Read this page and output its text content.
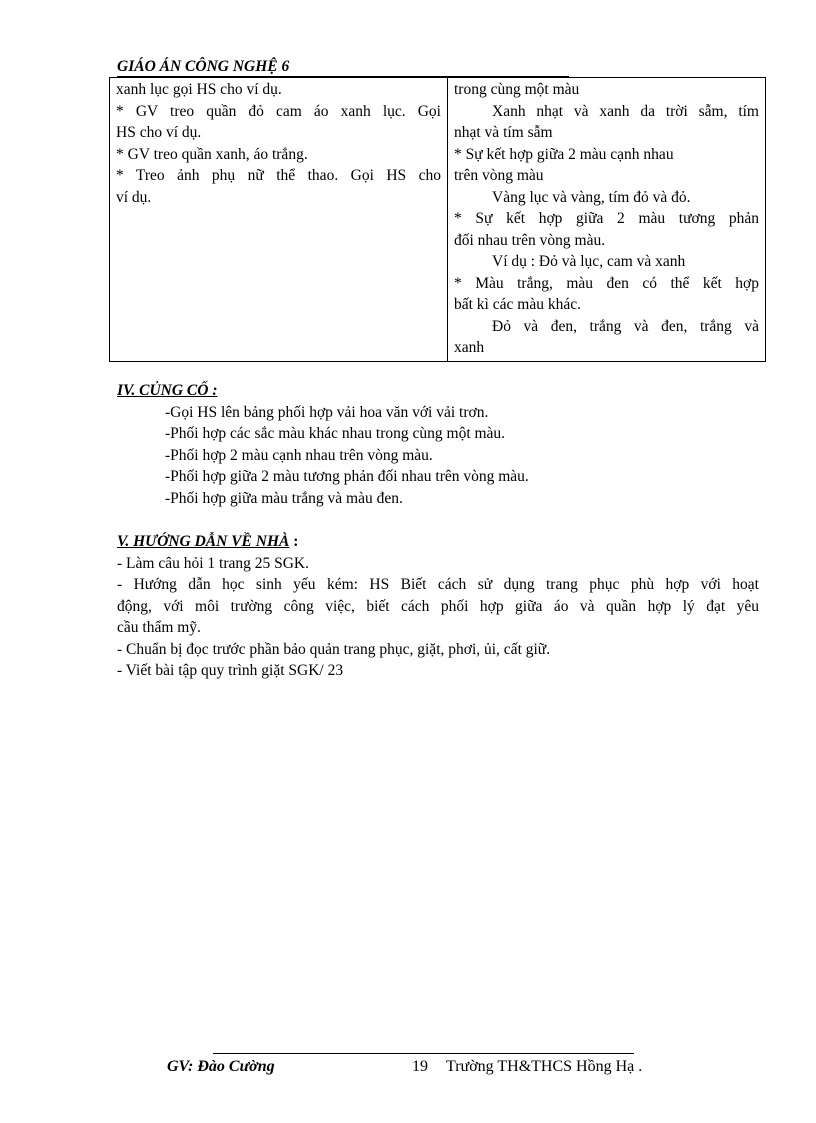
GIÁO ÁN CÔNG NGHỆ 6
xanh lục gọi HS cho ví dụ.
* GV treo quần đỏ cam áo xanh lục. Gọi
HS cho ví dụ.
* GV treo quần xanh, áo trắng.
* Treo ảnh phụ nữ thể thao. Gọi HS cho
ví dụ.

trong cùng một màu
Xanh nhạt và xanh da trời sẫm, tím
nhạt và tím sẫm
* Sự kết hợp giữa 2 màu cạnh nhau
trên vòng màu
Vàng lục và vàng, tím đỏ và đỏ.
* Sự kết hợp giữa 2 màu tương phản
đối nhau trên vòng màu.
Ví dụ : Đỏ và lục, cam và xanh
* Màu trắng, màu đen có thể kết hợp
bất kì các màu khác.
Đỏ và đen, trắng và đen, trắng và
xanh
IV. CỦNG CỐ :
-Gọi HS lên bảng phối hợp vải hoa văn với vải trơn.
-Phối hợp các sắc màu khác nhau trong cùng một màu.
-Phối hợp 2 màu cạnh nhau trên vòng màu.
-Phối hợp giữa 2 màu tương phản đối nhau trên vòng màu.
-Phối hợp giữa màu trắng và màu đen.
V. HƯỚNG DẪN VỀ NHÀ :
- Làm câu hỏi 1 trang 25 SGK.
- Hướng dẫn học sinh yếu kém: HS Biết cách sử dụng trang phục phù hợp với hoạt
động, với môi trường công việc, biết cách phối hợp giữa áo và quần hợp lý đạt yêu
cầu thẩm mỹ.
- Chuẩn bị đọc trước phần bảo quản trang phục, giặt, phơi, ủi, cất giữ.
- Viết bài tập quy trình giặt SGK/ 23
GV: Đào Cường	19 Trường TH&THCS Hồng Hạ .
